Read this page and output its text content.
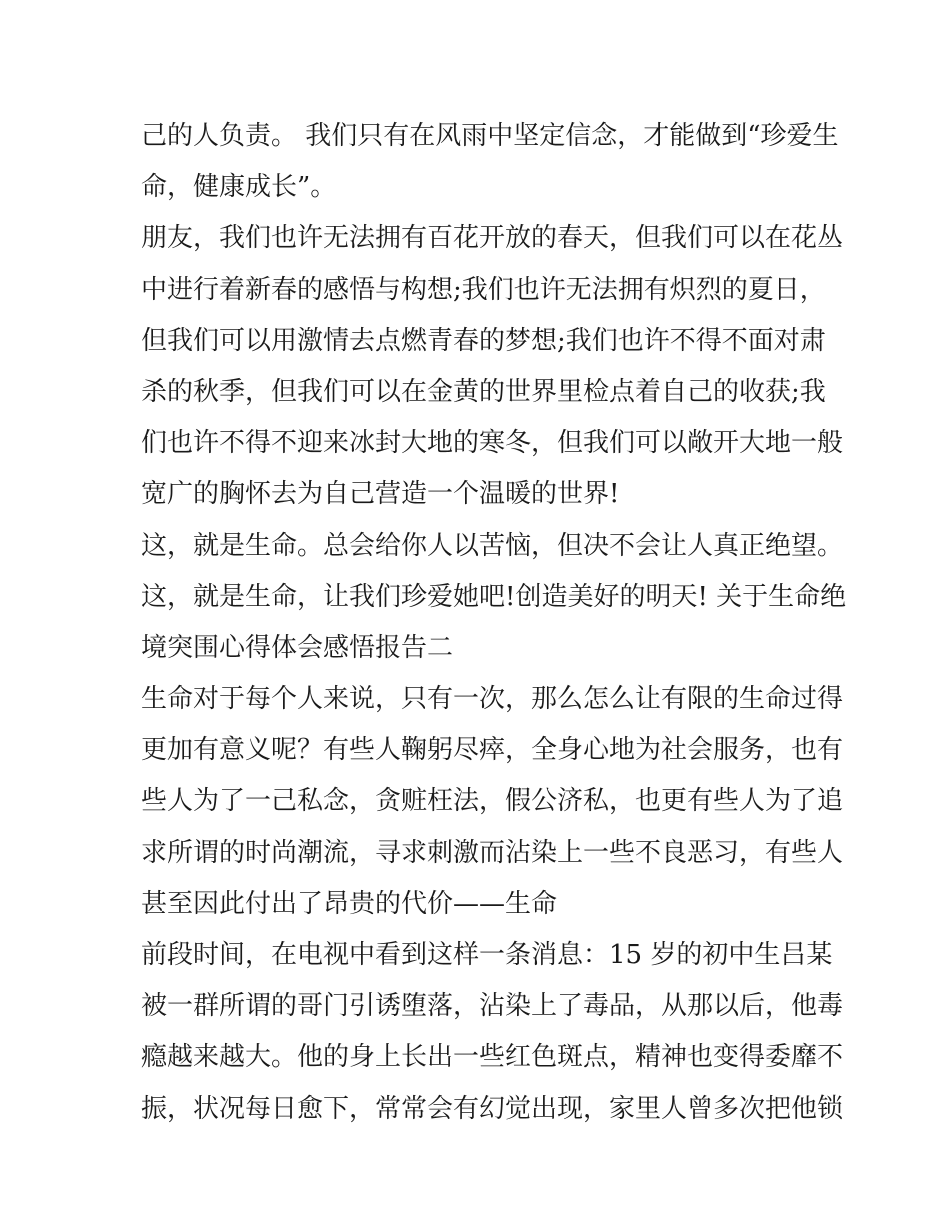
己的人负责。 我们只有在风雨中坚定信念，才能做到“珍爱生
命，健康成长”。
朋友，我们也许无法拥有百花开放的春天，但我们可以在花丛
中进行着新春的感悟与构想;我们也许无法拥有炽烈的夏日，
但我们可以用激情去点燃青春的梦想;我们也许不得不面对肃
杀的秋季，但我们可以在金黄的世界里检点着自己的收获;我
们也许不得不迎来冰封大地的寒冬，但我们可以敞开大地一般
宽广的胸怀去为自己营造一个温暖的世界!
这，就是生命。总会给你人以苦恼，但决不会让人真正绝望。
这，就是生命，让我们珍爱她吧!创造美好的明天! 关于生命绝
境突围心得体会感悟报告二
生命对于每个人来说，只有一次，那么怎么让有限的生命过得
更加有意义呢？有些人鞠躬尽瘁，全身心地为社会服务，也有
些人为了一己私念，贪赃枉法，假公济私，也更有些人为了追
求所谓的时尚潮流，寻求刺激而沾染上一些不良恶习，有些人
甚至因此付出了昂贵的代价——生命
前段时间，在电视中看到这样一条消息：15 岁的初中生吕某
被一群所谓的哥门引诱堕落，沾染上了毒品，从那以后，他毒
瘾越来越大。他的身上长出一些红色斑点，精神也变得委靡不
振，状况每日愈下，常常会有幻觉出现，家里人曾多次把他锁
